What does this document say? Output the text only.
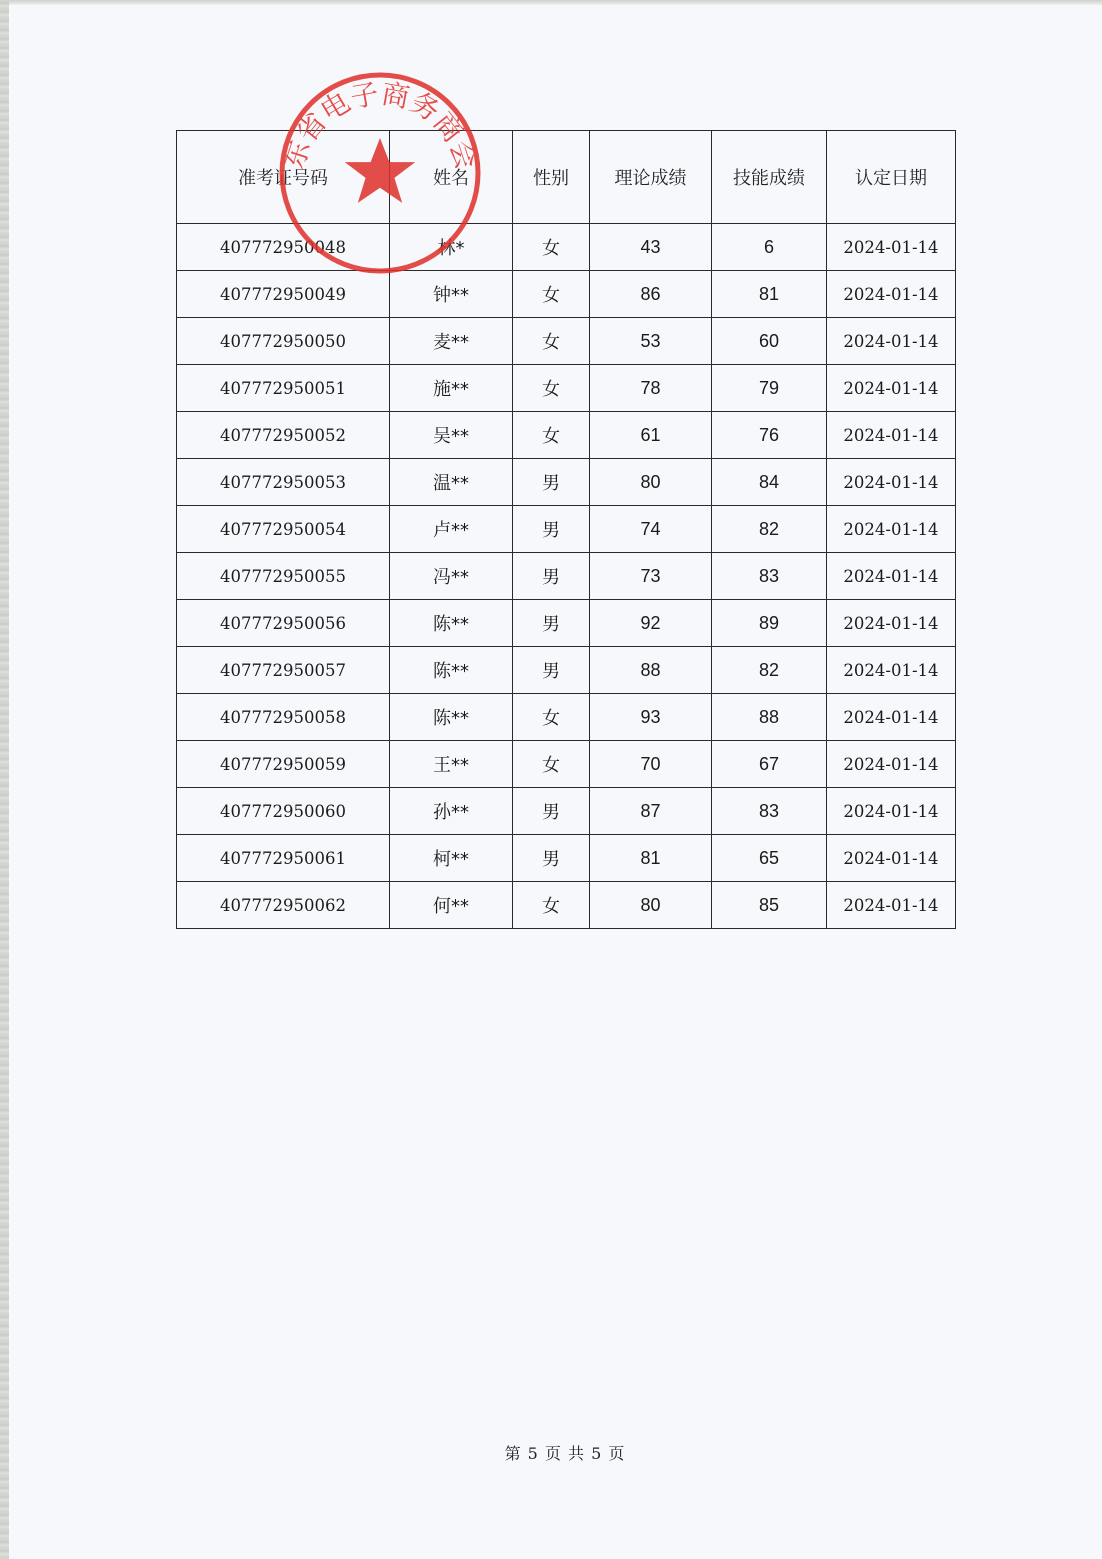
准考证号码	姓名	性别	理论成绩	技能成绩	认定日期
407772950048	林*	女	43	6	2024-01-14
407772950049	钟**	女	86	81	2024-01-14
407772950050	麦**	女	53	60	2024-01-14
407772950051	施**	女	78	79	2024-01-14
407772950052	吴**	女	61	76	2024-01-14
407772950053	温**	男	80	84	2024-01-14
407772950054	卢**	男	74	82	2024-01-14
407772950055	冯**	男	73	83	2024-01-14
407772950056	陈**	男	92	89	2024-01-14
407772950057	陈**	男	88	82	2024-01-14
407772950058	陈**	女	93	88	2024-01-14
407772950059	王**	女	70	67	2024-01-14
407772950060	孙**	男	87	83	2024-01-14
407772950061	柯**	男	81	65	2024-01-14
407772950062	何**	女	80	85	2024-01-14
东省电子商务商会
第 5 页 共 5 页
